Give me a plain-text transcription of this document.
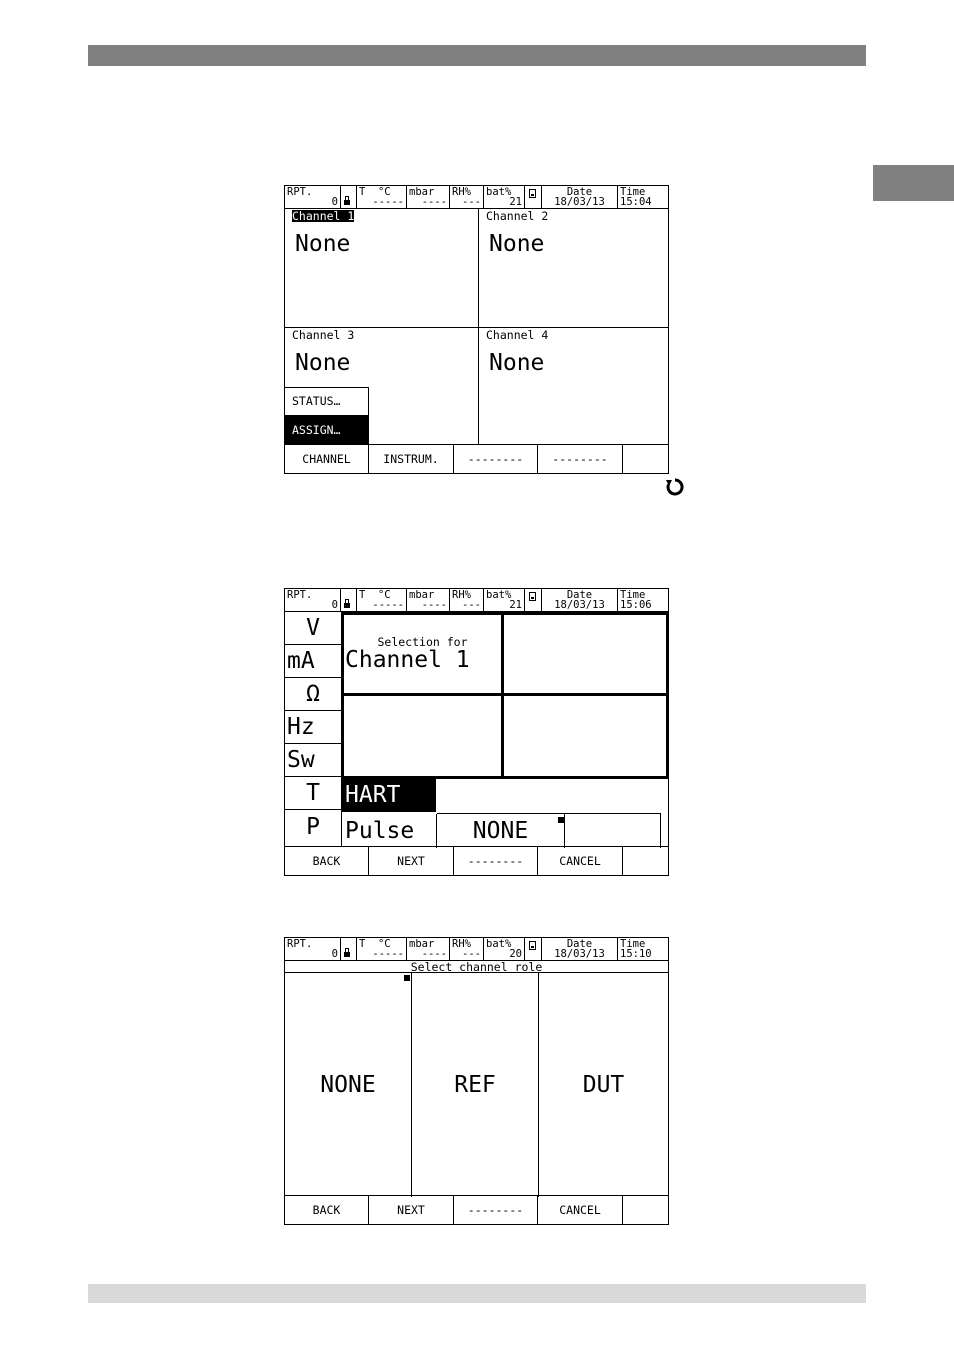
RPT.
0
T  °C
-----
mbar
----
RH%
---
bat%
21
Date
18/03/13
Time
15:04
Channel 1
None
Channel 2
None
Channel 3
None
Channel 4
None
STATUS…
ASSIGN…
CHANNEL	INSTRUM.	--------	--------

RPT.
0
T  °C
-----
mbar
----
RH%
---
bat%
21
Date
18/03/13
Time
15:06
V
mA
Ω
Hz
Sw
T
P
Selection for
Channel 1
HART
Pulse	NONE
BACK	NEXT	--------	CANCEL
RPT.
0
T  °C
-----
mbar
----
RH%
---
bat%
20
Date
18/03/13
Time
15:10
Select channel role
NONE	REF	DUT
BACK	NEXT	--------	CANCEL
